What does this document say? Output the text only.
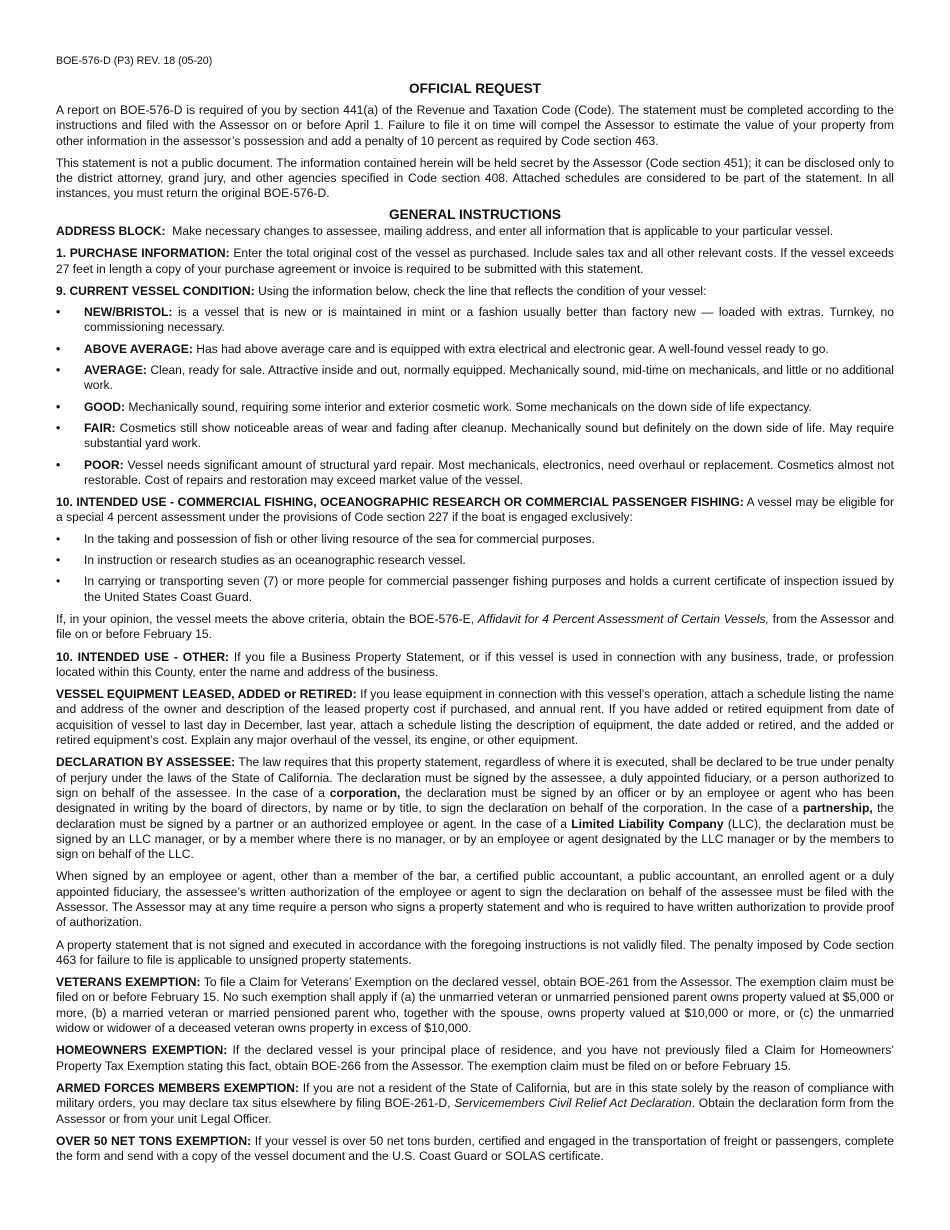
BOE-576-D (P3) REV. 18 (05-20)
OFFICIAL REQUEST

A report on BOE-576-D is required of you by section 441(a) of the Revenue and Taxation Code (Code). The statement must be completed according to the instructions and filed with the Assessor on or before April 1. Failure to file it on time will compel the Assessor to estimate the value of your property from other information in the assessor’s possession and add a penalty of 10 percent as required by Code section 463.

This statement is not a public document. The information contained herein will be held secret by the Assessor (Code section 451); it can be disclosed only to the district attorney, grand jury, and other agencies specified in Code section 408. Attached schedules are considered to be part of the statement. In all instances, you must return the original BOE-576-D.

GENERAL INSTRUCTIONS

ADDRESS BLOCK: Make necessary changes to assessee, mailing address, and enter all information that is applicable to your particular vessel.

1. PURCHASE INFORMATION: Enter the total original cost of the vessel as purchased. Include sales tax and all other relevant costs. If the vessel exceeds 27 feet in length a copy of your purchase agreement or invoice is required to be submitted with this statement.

9. CURRENT VESSEL CONDITION: Using the information below, check the line that reflects the condition of your vessel:

• NEW/BRISTOL: is a vessel that is new or is maintained in mint or a fashion usually better than factory new — loaded with extras. Turnkey, no commissioning necessary.
• ABOVE AVERAGE: Has had above average care and is equipped with extra electrical and electronic gear. A well-found vessel ready to go.
• AVERAGE: Clean, ready for sale. Attractive inside and out, normally equipped. Mechanically sound, mid-time on mechanicals, and little or no additional work.
• GOOD: Mechanically sound, requiring some interior and exterior cosmetic work. Some mechanicals on the down side of life expectancy.
• FAIR: Cosmetics still show noticeable areas of wear and fading after cleanup. Mechanically sound but definitely on the down side of life. May require substantial yard work.
• POOR: Vessel needs significant amount of structural yard repair. Most mechanicals, electronics, need overhaul or replacement. Cosmetics almost not restorable. Cost of repairs and restoration may exceed market value of the vessel.

10. INTENDED USE - COMMERCIAL FISHING, OCEANOGRAPHIC RESEARCH OR COMMERCIAL PASSENGER FISHING: A vessel may be eligible for a special 4 percent assessment under the provisions of Code section 227 if the boat is engaged exclusively:

• In the taking and possession of fish or other living resource of the sea for commercial purposes.
• In instruction or research studies as an oceanographic research vessel.
• In carrying or transporting seven (7) or more people for commercial passenger fishing purposes and holds a current certificate of inspection issued by the United States Coast Guard.

If, in your opinion, the vessel meets the above criteria, obtain the BOE-576-E, Affidavit for 4 Percent Assessment of Certain Vessels, from the Assessor and file on or before February 15.

10. INTENDED USE - OTHER: If you file a Business Property Statement, or if this vessel is used in connection with any business, trade, or profession located within this County, enter the name and address of the business.

VESSEL EQUIPMENT LEASED, ADDED or RETIRED: If you lease equipment in connection with this vessel’s operation, attach a schedule listing the name and address of the owner and description of the leased property cost if purchased, and annual rent. If you have added or retired equipment from date of acquisition of vessel to last day in December, last year, attach a schedule listing the description of equipment, the date added or retired, and the added or retired equipment’s cost. Explain any major overhaul of the vessel, its engine, or other equipment.

DECLARATION BY ASSESSEE: The law requires that this property statement, regardless of where it is executed, shall be declared to be true under penalty of perjury under the laws of the State of California. The declaration must be signed by the assessee, a duly appointed fiduciary, or a person authorized to sign on behalf of the assessee. In the case of a corporation, the declaration must be signed by an officer or by an employee or agent who has been designated in writing by the board of directors, by name or by title, to sign the declaration on behalf of the corporation. In the case of a partnership, the declaration must be signed by a partner or an authorized employee or agent. In the case of a Limited Liability Company (LLC), the declaration must be signed by an LLC manager, or by a member where there is no manager, or by an employee or agent designated by the LLC manager or by the members to sign on behalf of the LLC.

When signed by an employee or agent, other than a member of the bar, a certified public accountant, a public accountant, an enrolled agent or a duly appointed fiduciary, the assessee’s written authorization of the employee or agent to sign the declaration on behalf of the assessee must be filed with the Assessor. The Assessor may at any time require a person who signs a property statement and who is required to have written authorization to provide proof of authorization.

A property statement that is not signed and executed in accordance with the foregoing instructions is not validly filed. The penalty imposed by Code section 463 for failure to file is applicable to unsigned property statements.

VETERANS EXEMPTION: To file a Claim for Veterans’ Exemption on the declared vessel, obtain BOE-261 from the Assessor. The exemption claim must be filed on or before February 15. No such exemption shall apply if (a) the unmarried veteran or unmarried pensioned parent owns property valued at $5,000 or more, (b) a married veteran or married pensioned parent who, together with the spouse, owns property valued at $10,000 or more, or (c) the unmarried widow or widower of a deceased veteran owns property in excess of $10,000.

HOMEOWNERS EXEMPTION: If the declared vessel is your principal place of residence, and you have not previously filed a Claim for Homeowners’ Property Tax Exemption stating this fact, obtain BOE-266 from the Assessor. The exemption claim must be filed on or before February 15.

ARMED FORCES MEMBERS EXEMPTION: If you are not a resident of the State of California, but are in this state solely by the reason of compliance with military orders, you may declare tax situs elsewhere by filing BOE-261-D, Servicemembers Civil Relief Act Declaration. Obtain the declaration form from the Assessor or from your unit Legal Officer.

OVER 50 NET TONS EXEMPTION: If your vessel is over 50 net tons burden, certified and engaged in the transportation of freight or passengers, complete the form and send with a copy of the vessel document and the U.S. Coast Guard or SOLAS certificate.
